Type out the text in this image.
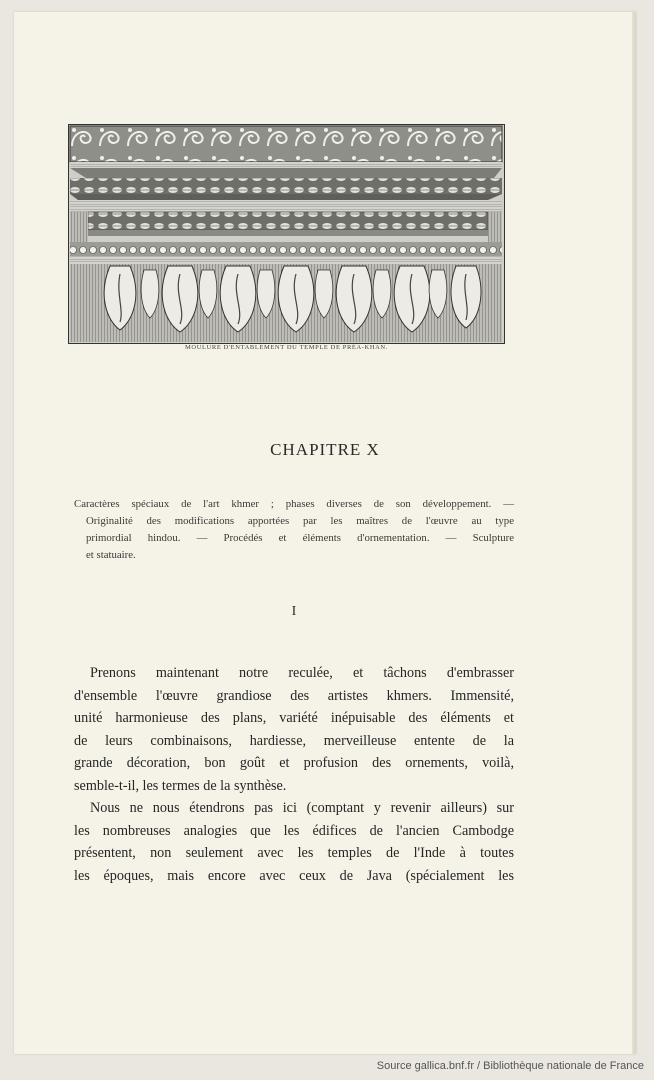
MOULURE D'ENTABLEMENT DU TEMPLE DE PRÉA-KHAN.
CHAPITRE X
Caractères spéciaux de l'art khmer ; phases diverses de son développement. —
Originalité des modifications apportées par les maîtres de l'œuvre au type
primordial hindou. — Procédés et éléments d'ornementation. — Sculpture
et statuaire.
I
Prenons maintenant notre reculée, et tâchons d'embrasser
d'ensemble l'œuvre grandiose des artistes khmers. Immensité,
unité harmonieuse des plans, variété inépuisable des éléments et
de leurs combinaisons, hardiesse, merveilleuse entente de la
grande décoration, bon goût et profusion des ornements, voilà,
semble-t-il, les termes de la synthèse.
Nous ne nous étendrons pas ici (comptant y revenir ailleurs) sur
les nombreuses analogies que les édifices de l'ancien Cambodge
présentent, non seulement avec les temples de l'Inde à toutes
les époques, mais encore avec ceux de Java (spécialement les
Source gallica.bnf.fr / Bibliothèque nationale de France
